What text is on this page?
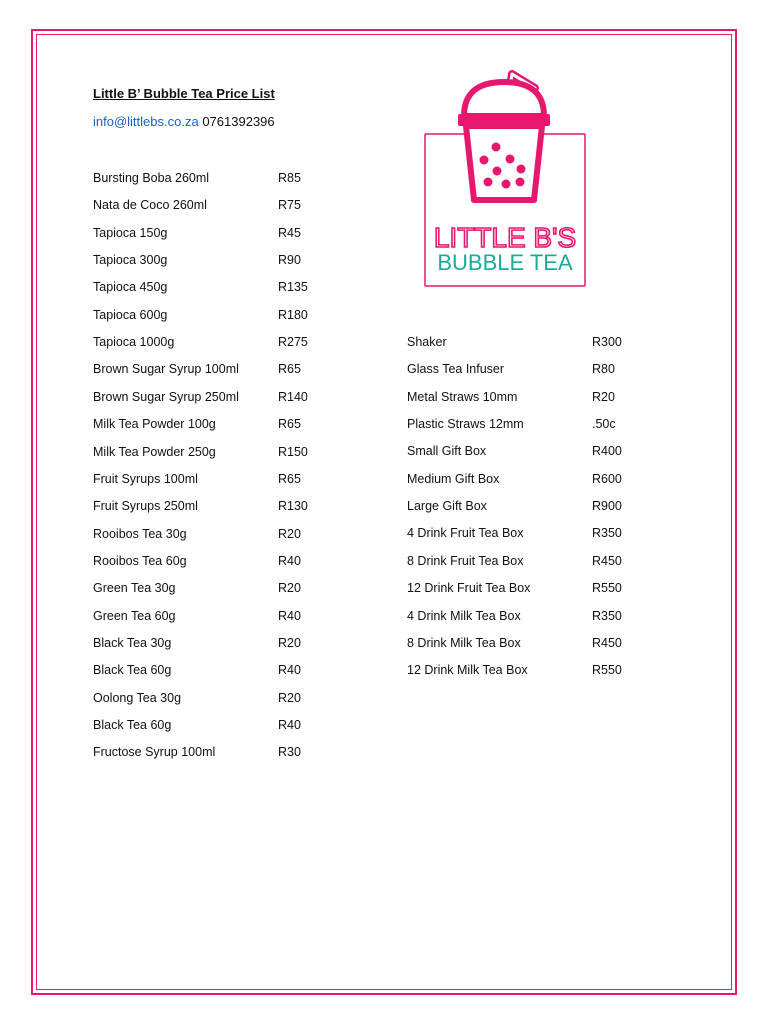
Little B’ Bubble Tea Price List
info@littlebs.co.za 0761392396
LITTLE B'S
BUBBLE TEA
Bursting Boba 260ml	R85
Nata de Coco 260ml	R75
Tapioca 150g	R45
Tapioca 300g	R90
Tapioca 450g	R135
Tapioca 600g	R180
Tapioca 1000g	R275
Brown Sugar Syrup 100ml	R65
Brown Sugar Syrup 250ml	R140
Milk Tea Powder 100g	R65
Milk Tea Powder 250g	R150
Fruit Syrups 100ml	R65
Fruit Syrups 250ml	R130
Rooibos Tea 30g	R20
Rooibos Tea 60g	R40
Green Tea 30g	R20
Green Tea 60g	R40
Black Tea 30g	R20
Black Tea 60g	R40
Oolong Tea 30g	R20
Black Tea 60g	R40
Fructose Syrup 100ml	R30
Shaker	R300
Glass Tea Infuser	R80
Metal Straws 10mm	R20
Plastic Straws 12mm	.50c
Small Gift Box	R400
Medium Gift Box	R600
Large Gift Box	R900
4 Drink Fruit Tea Box	R350
8 Drink Fruit Tea Box	R450
12 Drink Fruit Tea Box	R550
4 Drink Milk Tea Box	R350
8 Drink Milk Tea Box	R450
12 Drink Milk Tea Box	R550
